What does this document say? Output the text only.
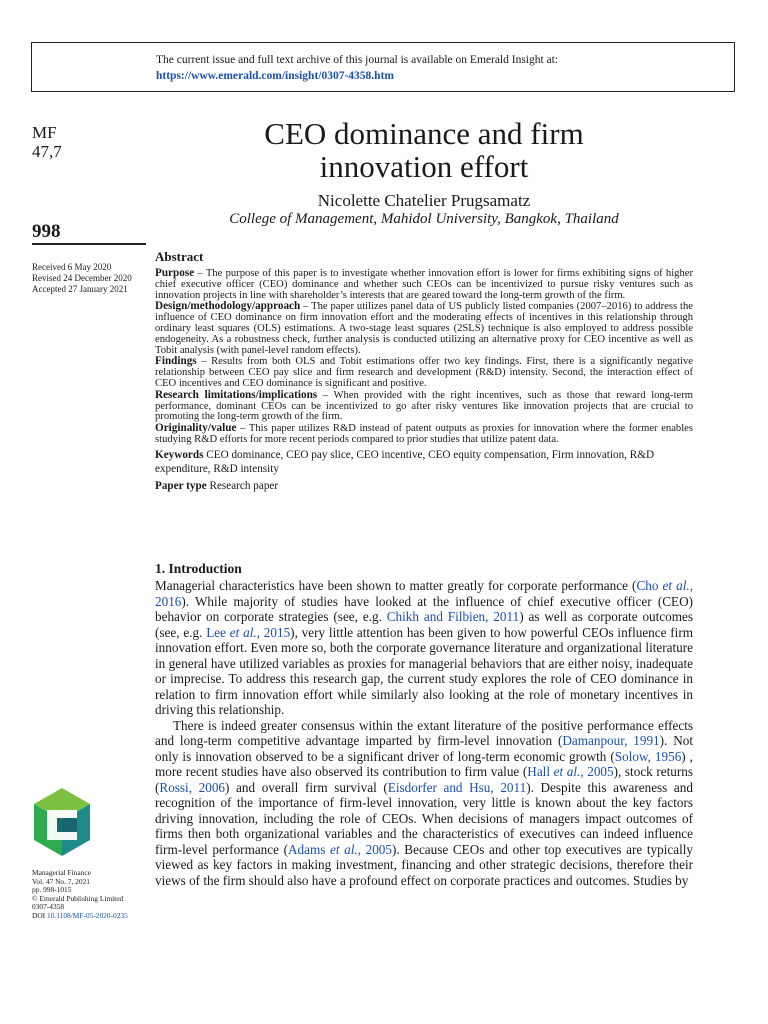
The current issue and full text archive of this journal is available on Emerald Insight at:
https://www.emerald.com/insight/0307-4358.htm
MF
47,7
998
Received 6 May 2020
Revised 24 December 2020
Accepted 27 January 2021
Managerial Finance
Vol. 47 No. 7, 2021
pp. 998-1015
© Emerald Publishing Limited
0307-4358
DOI 10.1108/MF-05-2020-0235
CEO dominance and firm
innovation effort
Nicolette Chatelier Prugsamatz
College of Management, Mahidol University, Bangkok, Thailand
Abstract

Purpose – The purpose of this paper is to investigate whether innovation effort is lower for firms exhibiting signs of higher chief executive officer (CEO) dominance and whether such CEOs can be incentivized to pursue risky ventures such as innovation projects in line with shareholder’s interests that are geared toward the long-term growth of the firm.

Design/methodology/approach – The paper utilizes panel data of US publicly listed companies (2007–2016) to address the influence of CEO dominance on firm innovation effort and the moderating effects of incentives in this relationship through ordinary least squares (OLS) estimations. A two-stage least squares (2SLS) technique is also employed to address possible endogeneity. As a robustness check, further analysis is conducted utilizing an alternative proxy for CEO incentive as well as Tobit analysis (with panel-level random effects).

Findings – Results from both OLS and Tobit estimations offer two key findings. First, there is a significantly negative relationship between CEO pay slice and firm research and development (R&D) intensity. Second, the interaction effect of CEO incentives and CEO dominance is significant and positive.

Research limitations/implications – When provided with the right incentives, such as those that reward long-term performance, dominant CEOs can be incentivized to go after risky ventures like innovation projects that are crucial to promoting the long-term growth of the firm.

Originality/value – This paper utilizes R&D instead of patent outputs as proxies for innovation where the former enables studying R&D efforts for more recent periods compared to prior studies that utilize patent data.

Keywords CEO dominance, CEO pay slice, CEO incentive, CEO equity compensation, Firm innovation, R&D expenditure, R&D intensity
Paper type Research paper
1. Introduction

Managerial characteristics have been shown to matter greatly for corporate performance (Cho et al., 2016). While majority of studies have looked at the influence of chief executive officer (CEO) behavior on corporate strategies (see, e.g. Chikh and Filbien, 2011) as well as corporate outcomes (see, e.g. Lee et al., 2015), very little attention has been given to how powerful CEOs influence firm innovation effort. Even more so, both the corporate governance literature and organizational literature in general have utilized variables as proxies for managerial behaviors that are either noisy, inadequate or imprecise. To address this research gap, the current study explores the role of CEO dominance in relation to firm innovation effort while similarly also looking at the role of monetary incentives in driving this relationship.

There is indeed greater consensus within the extant literature of the positive performance effects and long-term competitive advantage imparted by firm-level innovation (Damanpour, 1991). Not only is innovation observed to be a significant driver of long-term economic growth (Solow, 1956) , more recent studies have also observed its contribution to firm value (Hall et al., 2005), stock returns (Rossi, 2006) and overall firm survival (Eisdorfer and Hsu, 2011). Despite this awareness and recognition of the importance of firm-level innovation, very little is known about the key factors driving innovation, including the role of CEOs. When decisions of managers impact outcomes of firms then both organizational variables and the characteristics of executives can indeed influence firm-level performance (Adams et al., 2005). Because CEOs and other top executives are typically viewed as key factors in making investment, financing and other strategic decisions, therefore their views of the firm should also have a profound effect on corporate practices and outcomes. Studies by
